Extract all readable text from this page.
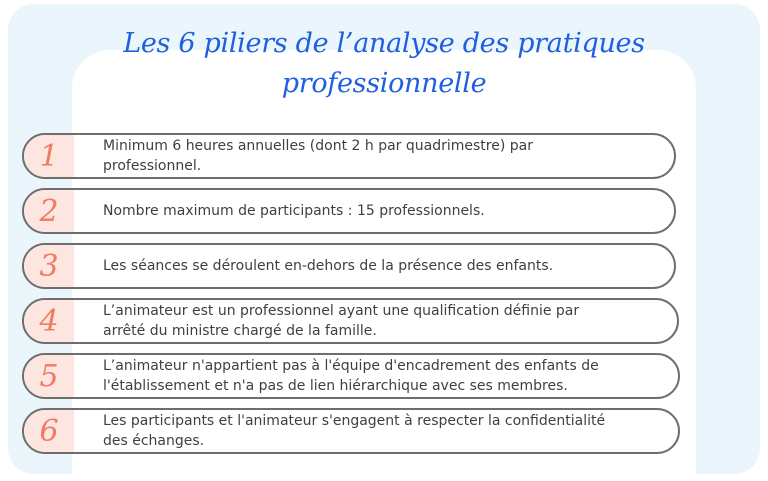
Les 6 piliers de l’analyse des pratiques
professionnelle
1	Minimum 6 heures annuelles (dont 2 h par quadrimestre) par professionnel.
2	Nombre maximum de participants : 15 professionnels.
3	Les séances se déroulent en-dehors de la présence des enfants.
4	L’animateur est un professionnel ayant une qualification définie par arrêté du ministre chargé de la famille.
5	L’animateur n'appartient pas à l'équipe d'encadrement des enfants de l'établissement et n'a pas de lien hiérarchique avec ses membres.
6	Les participants et l'animateur s'engagent à respecter la confidentialité des échanges.
